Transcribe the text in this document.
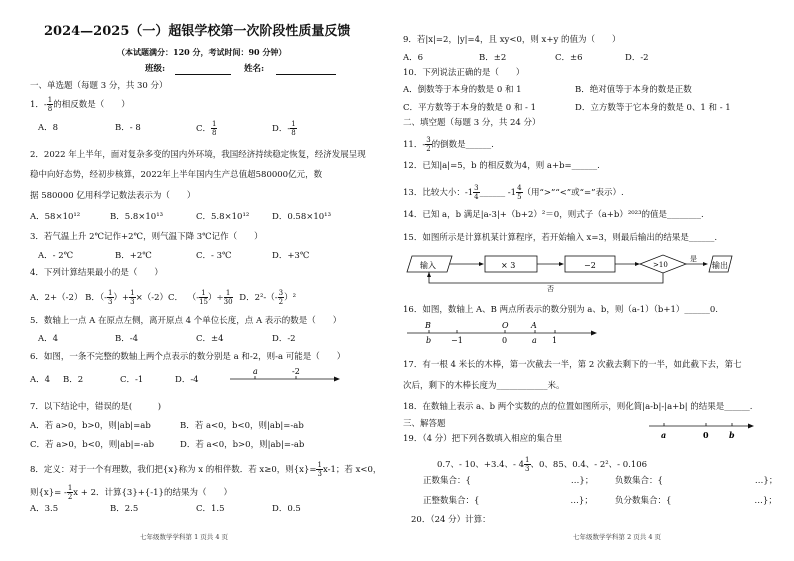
2024—2025（一）超银学校第一次阶段性质量反馈
（本试题满分：120 分，考试时间：90 分钟）
班级:	姓名:
一、单选题（每题 3 分，共 30 分）
1．- $\frac{1}{8}$ 的相反数是（　　）
A．8	B．- 8	C． $\frac{1}{8}$	D．- $\frac{1}{8}$
2．2022 年上半年，面对复杂多变的国内外环境，我国经济持续稳定恢复，经济发展呈现
稳中向好态势，经初步核算，2022年上半年国内生产总值超580000亿元，数
据 580000 亿用科学记数法表示为（　　）
A．58×10¹²	B．5.8×10¹³	C．5.8×10¹²	D．0.58×10¹³
3．若气温上升 2℃记作+2℃，则气温下降 3℃记作（　　）
A．- 2℃	B．+2℃	C．- 3℃	D．+3℃
4．下列计算结果最小的是（　　）
A．2+（-2） B．（- $\frac{1}{3}$ ）+ $\frac{1}{3} \times(-2)C$． （- $\frac{1}{15}$ ）÷ $\frac{1}{30}$ D．$2^2-(- \frac{3}{2} )^2$
5．数轴上一点 A 在原点左侧，离开原点 4 个单位长度，点 A 表示的数是（　　）
A．4	B．-4	C．±4	D．-2
6．如图，一条不完整的数轴上两个点表示的数分别是 a 和-2，则-a 可能是（　　）
A．4 B．2	C．-1	D．-4
a	-2
7．以下结论中，错误的是(　　　)
A．若 a>0，b>0，则|ab|=ab	B．若 a<0，b<0，则|ab|=-ab
C．若 a>0，b<0，则|ab|=-ab	D．若 a<0，b>0，则|ab|=-ab
8．定义：对于一个有理数，我们把{x}称为 x 的相伴数．若 x≥0，则$\{x\}= \frac{1}{3} x-1$；若 x<0，
则$\{x\}= - \frac{1}{2}$ x + 2．计算{3}+{-1}的结果为（　　）
A．3.5	B．2.5	C．1.5	D．0.5
七年级数学学科第 1 页共 4 页
9．若|x|=2，|y|=4，且 xy<0，则 x+y 的值为（　　）
A．6	B．±2	C．±6	D．-2
10．下列说法正确的是（　　）
A．倒数等于本身的数是 0 和 1	B．绝对值等于本身的数是正数
C．平方数等于本身的数是 0 和 - 1	D．立方数等于它本身的数是 0、1 和 - 1
二、填空题（每题 3 分，共 24 分）
11．- $\frac{3}{2}$ 的倒数是______.
12．已知|a|=5，b 的相反数为4，则 a+b=______.
13．比较大小：$-1 \frac{3}{4}$ ______ $-1 \frac{4}{5}$ （用“>”“<”或“=”表示）.
14．已知 a，b 满足|a-3|+（b+2）²＝0，则式子（a+b）²⁰²³的值是________.
15．如图所示是计算机某计算程序，若开始输入 x=3，则最后输出的结果是______.
输入	× 3	−2	>10
是
输出
否
16．如图，数轴上 A、B 两点所表示的数分别为 a、b，则（a-1）（b+1）______0.
B	O	A
b −1	0	a 1
17．有一根 4 米长的木棒，第一次截去一半，第 2 次截去剩下的一半，如此截下去，第七
次后，剩下的木棒长度为____________米。
18．在数轴上表示 a、b 两个实数的点的位置如图所示，则化简|a-b|-|a+b| 的结果是______.
三、解答题
a	0	b
19．（4 分）把下列各数填入相应的集合里
0.7、- 10、+3.4、- $4 \frac{1}{3}$ 、0、85、0.4、- 2²、- 0.106
正数集合：{	…}；	负数集合：{	…}；
正整数集合：{	…}；	负分数集合：{	…}；
20．（24 分）计算：
七年级数学学科第 2 页共 4 页
